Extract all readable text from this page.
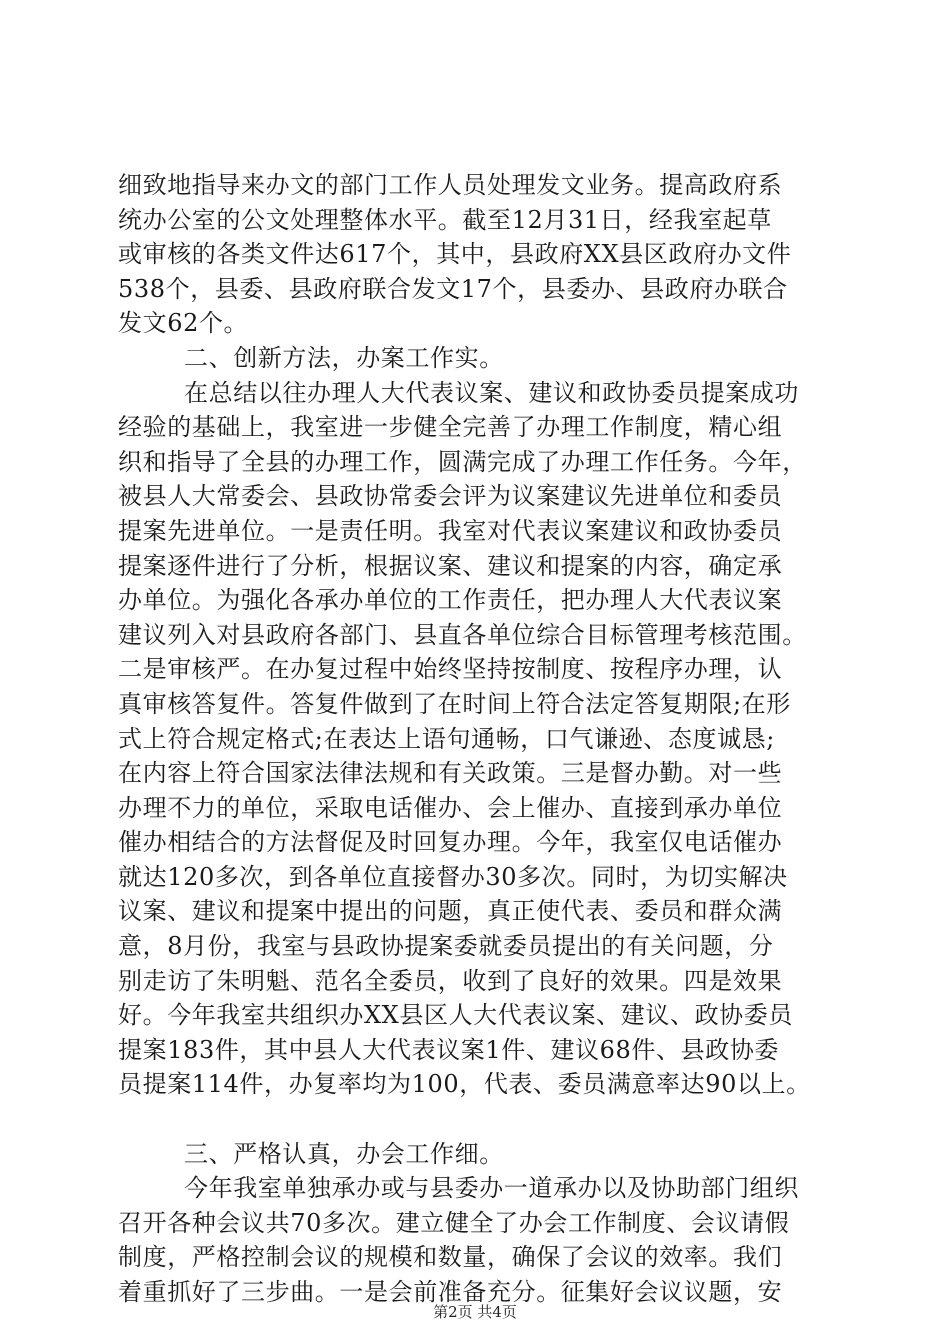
细致地指导来办文的部门工作人员处理发文业务。提高政府系
统办公室的公文处理整体水平。截至12月31日，经我室起草
或审核的各类文件达617个，其中，县政府XX县区政府办文件
538个，县委、县政府联合发文17个，县委办、县政府办联合
发文62个。
二、创新方法，办案工作实。
在总结以往办理人大代表议案、建议和政协委员提案成功
经验的基础上，我室进一步健全完善了办理工作制度，精心组
织和指导了全县的办理工作，圆满完成了办理工作任务。今年，
被县人大常委会、县政协常委会评为议案建议先进单位和委员
提案先进单位。一是责任明。我室对代表议案建议和政协委员
提案逐件进行了分析，根据议案、建议和提案的内容，确定承
办单位。为强化各承办单位的工作责任，把办理人大代表议案
建议列入对县政府各部门、县直各单位综合目标管理考核范围。
二是审核严。在办复过程中始终坚持按制度、按程序办理，认
真审核答复件。答复件做到了在时间上符合法定答复期限;在形
式上符合规定格式;在表达上语句通畅，口气谦逊、态度诚恳;
在内容上符合国家法律法规和有关政策。三是督办勤。对一些
办理不力的单位，采取电话催办、会上催办、直接到承办单位
催办相结合的方法督促及时回复办理。今年，我室仅电话催办
就达120多次，到各单位直接督办30多次。同时，为切实解决
议案、建议和提案中提出的问题，真正使代表、委员和群众满
意，8月份，我室与县政协提案委就委员提出的有关问题，分
别走访了朱明魁、范名全委员，收到了良好的效果。四是效果
好。今年我室共组织办XX县区人大代表议案、建议、政协委员
提案183件，其中县人大代表议案1件、建议68件、县政协委
员提案114件，办复率均为100，代表、委员满意率达90以上。
三、严格认真，办会工作细。
今年我室单独承办或与县委办一道承办以及协助部门组织
召开各种会议共70多次。建立健全了办会工作制度、会议请假
制度，严格控制会议的规模和数量，确保了会议的效率。我们
着重抓好了三步曲。一是会前准备充分。征集好会议议题，安
第2页 共4页
